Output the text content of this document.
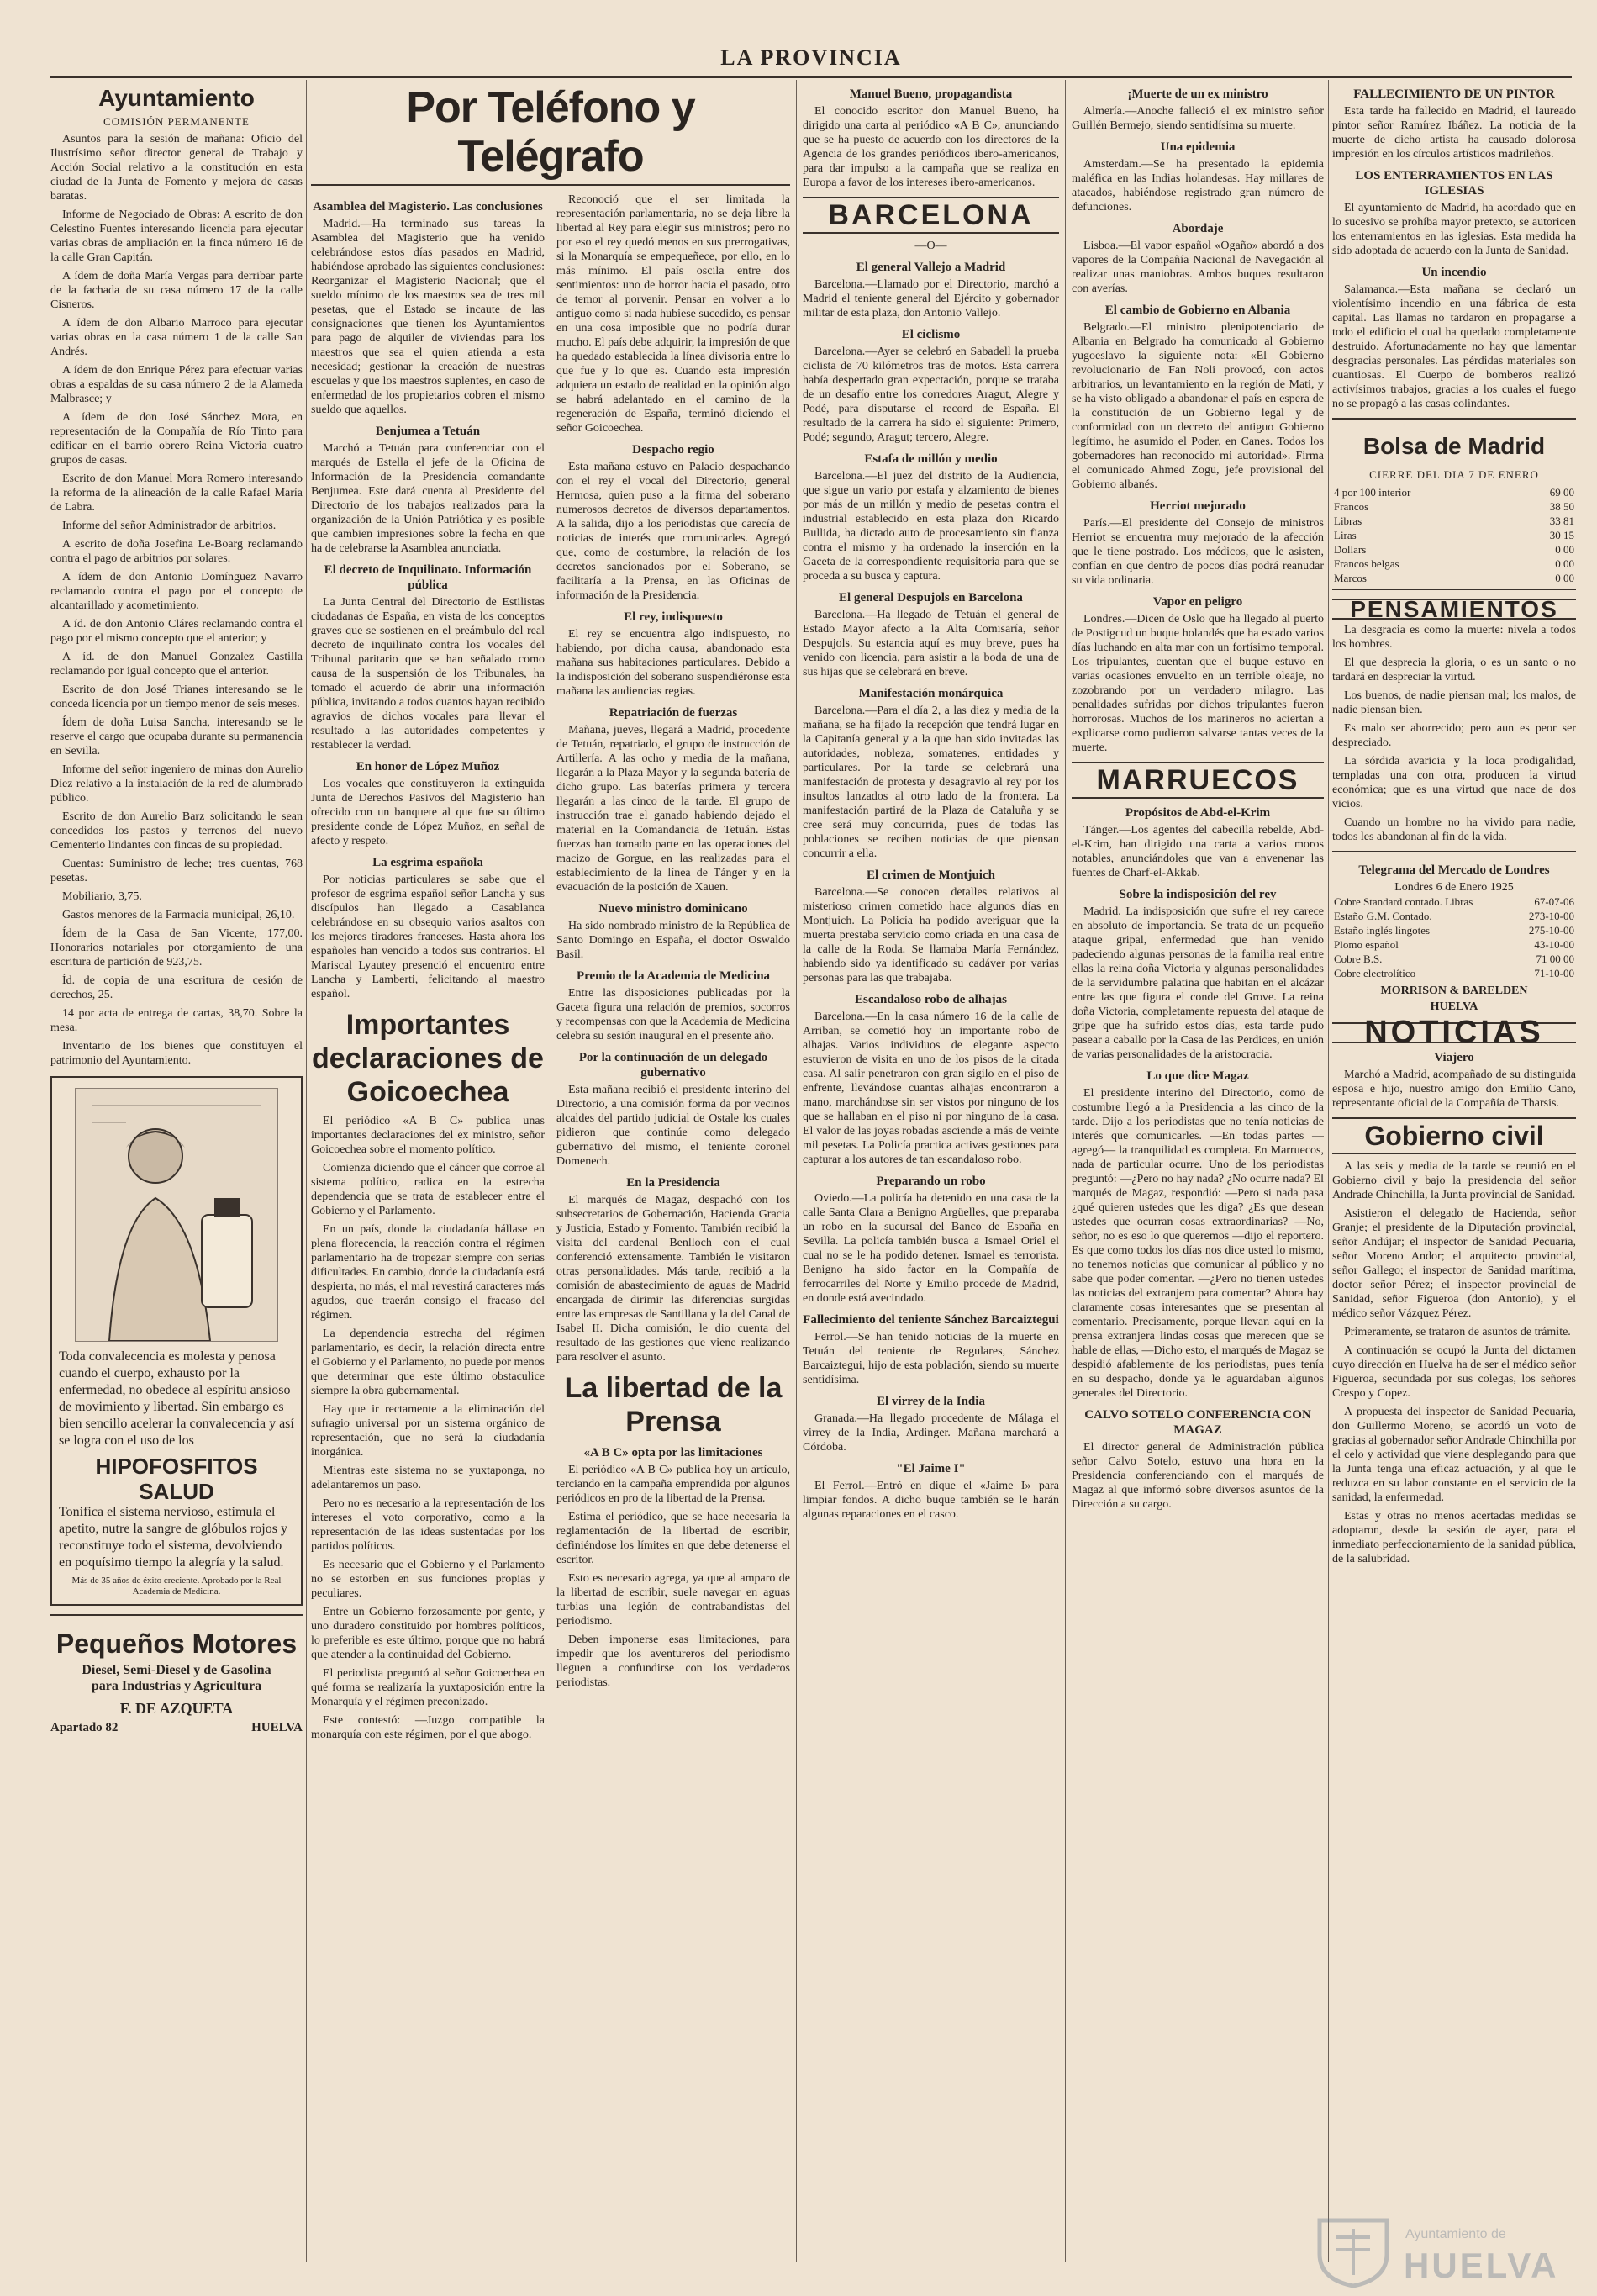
LA PROVINCIA
Ayuntamiento
COMISIÓN PERMANENTE

Asuntos para la sesión de mañana: Oficio del Ilustrísimo señor director general de Trabajo y Acción Social relativo a la constitución en esta ciudad de la Junta de Fomento y mejora de casas baratas.

Informe de Negociado de Obras: A escrito de don Celestino Fuentes interesando licencia para ejecutar varias obras de ampliación en la finca número 16 de la calle Gran Capitán.

A ídem de doña María Vergas para derribar parte de la fachada de su casa número 17 de la calle Cisneros.

A ídem de don Albario Marroco para ejecutar varias obras en la casa número 1 de la calle San Andrés.

A ídem de don Enrique Pérez para efectuar varias obras a espaldas de su casa número 2 de la Alameda Malbrasce; y

A ídem de don José Sánchez Mora, en representación de la Compañía de Río Tinto para edificar en el barrio obrero Reina Victoria cuatro grupos de casas.

Escrito de don Manuel Mora Romero interesando la reforma de la alineación de la calle Rafael María de Labra.

Informe del señor Administrador de arbitrios.

A escrito de doña Josefina Le-Boarg reclamando contra el pago de arbitrios por solares.

A ídem de don Antonio Domínguez Navarro reclamando contra el pago por el concepto de alcantarillado y acometimiento.

A íd. de don Antonio Cláres reclamando contra el pago por el mismo concepto que el anterior; y

A íd. de don Manuel Gonzalez Castilla reclamando por igual concepto que el anterior.

Escrito de don José Trianes interesando se le conceda licencia por un tiempo menor de seis meses.

Ídem de doña Luisa Sancha, interesando se le reserve el cargo que ocupaba durante su permanencia en Sevilla.

Informe del señor ingeniero de minas don Aurelio Díez relativo a la instalación de la red de alumbrado público.

Escrito de don Aurelio Barz solicitando le sean concedidos los pastos y terrenos del nuevo Cementerio lindantes con fincas de su propiedad.

Cuentas: Suministro de leche; tres cuentas, 768 pesetas.

Mobiliario, 3,75.

Gastos menores de la Farmacia municipal, 26,10.

Ídem de la Casa de San Vicente, 177,00. Honorarios notariales por otorgamiento de una escritura de partición de 923,75.

Íd. de copia de una escritura de cesión de derechos, 25.

14 por acta de entrega de cartas, 38,70. Sobre la mesa.

Inventario de los bienes que constituyen el patrimonio del Ayuntamiento.

Toda convalecencia es molesta y penosa cuando el cuerpo, exhausto por la enfermedad, no obedece al espíritu ansioso de movimiento y libertad. Sin embargo es bien sencillo acelerar la convalecencia y así se logra con el uso de los

HIPOFOSFITOS SALUD

Tonifica el sistema nervioso, estimula el apetito, nutre la sangre de glóbulos rojos y reconstituye todo el sistema, devolviendo en poquísimo tiempo la alegría y la salud.

Más de 35 años de éxito creciente. Aprobado por la Real Academia de Medicina.
Pequeños Motores
Diesel, Semi-Diesel y de Gasolina
para Industrias y Agricultura
F. DE AZQUETA
Apartado 82	HUELVA
Por Teléfono y Telégrafo
Asamblea del Magisterio. Las conclusiones

Madrid.—Ha terminado sus tareas la Asamblea del Magisterio que ha venido celebrándose estos días pasados en Madrid, habiéndose aprobado las siguientes conclusiones: Reorganizar el Magisterio Nacional; que el sueldo mínimo de los maestros sea de tres mil pesetas, que el Estado se incaute de las consignaciones que tienen los Ayuntamientos para pago de alquiler de viviendas para los maestros que sea el quien atienda a esta necesidad; gestionar la creación de nuestras escuelas y que los maestros suplentes, en caso de enfermedad de los propietarios cobren el mismo sueldo que aquellos.

Benjumea a Tetuán

Marchó a Tetuán para conferenciar con el marqués de Estella el jefe de la Oficina de Información de la Presidencia comandante Benjumea. Este dará cuenta al Presidente del Directorio de los trabajos realizados para la organización de la Unión Patriótica y es posible que cambien impresiones sobre la fecha en que ha de celebrarse la Asamblea anunciada.

El decreto de Inquilinato. Información pública

La Junta Central del Directorio de Estilistas ciudadanas de España, en vista de los conceptos graves que se sostienen en el preámbulo del real decreto de inquilinato contra los vocales del Tribunal paritario que se han señalado como causa de la suspensión de los Tribunales, ha tomado el acuerdo de abrir una información pública, invitando a todos cuantos hayan recibido agravios de dichos vocales para llevar el resultado a las autoridades competentes y restablecer la verdad.

En honor de López Muñoz

Los vocales que constituyeron la extinguida Junta de Derechos Pasivos del Magisterio han ofrecido con un banquete al que fue su último presidente conde de López Muñoz, en señal de afecto y respeto.

La esgrima española

Por noticias particulares se sabe que el profesor de esgrima español señor Lancha y sus discípulos han llegado a Casablanca celebrándose en su obsequio varios asaltos con los mejores tiradores franceses. Hasta ahora los españoles han vencido a todos sus contrarios. El Mariscal Lyautey presenció el encuentro entre Lancha y Lamberti, felicitando al maestro español.

Importantes declaraciones de Goicoechea

El periódico «A B C» publica unas importantes declaraciones del ex ministro, señor Goicoechea sobre el momento político.

Comienza diciendo que el cáncer que corroe al sistema político, radica en la estrecha dependencia que se trata de establecer entre el Gobierno y el Parlamento.

En un país, donde la ciudadanía hállase en plena florecencia, la reacción contra el régimen parlamentario ha de tropezar siempre con serias dificultades. En cambio, donde la ciudadanía está despierta, no más, el mal revestirá caracteres más agudos, que traerán consigo el fracaso del régimen.

La dependencia estrecha del régimen parlamentario, es decir, la relación directa entre el Gobierno y el Parlamento, no puede por menos que determinar que este último obstaculice siempre la obra gubernamental.

Hay que ir rectamente a la eliminación del sufragio universal por un sistema orgánico de representación, que no será la ciudadanía inorgánica.

Mientras este sistema no se yuxtaponga, no adelantaremos un paso.

Pero no es necesario a la representación de los intereses el voto corporativo, como a la representación de las ideas sustentadas por los partidos políticos.

Es necesario que el Gobierno y el Parlamento no se estorben en sus funciones propias y peculiares.

Entre un Gobierno forzosamente por gente, y uno duradero constituido por hombres políticos, lo preferible es este último, porque que no habrá que atender a la continuidad del Gobierno.

El periodista preguntó al señor Goicoechea en qué forma se realizaría la yuxtaposición entre la Monarquía y el régimen preconizado.

Este contestó: —Juzgo compatible la monarquía con este régimen, por el que abogo.

Reconoció que el ser limitada la representación parlamentaria, no se deja libre la libertad al Rey para elegir sus ministros; pero no por eso el rey quedó menos en sus prerrogativas, si la Monarquía se empequeñece, por ello, en lo más mínimo. El país oscila entre dos sentimientos: uno de horror hacia el pasado, otro de temor al porvenir. Pensar en volver a lo antiguo como si nada hubiese sucedido, es pensar en una cosa imposible que no podría durar mucho. El país debe adquirir, la impresión de que ha quedado establecida la línea divisoria entre lo que fue y lo que es. Cuando esta impresión adquiera un estado de realidad en la opinión algo se habrá adelantado en el camino de la regeneración de España, terminó diciendo el señor Goicoechea.

Despacho regio

Esta mañana estuvo en Palacio despachando con el rey el vocal del Directorio, general Hermosa, quien puso a la firma del soberano numerosos decretos de diversos departamentos. A la salida, dijo a los periodistas que carecía de noticias de interés que comunicarles. Agregó que, como de costumbre, la relación de los decretos sancionados por el Soberano, se facilitaría a la Prensa, en las Oficinas de información de la Presidencia.

El rey, indispuesto

El rey se encuentra algo indispuesto, no habiendo, por dicha causa, abandonado esta mañana sus habitaciones particulares. Debido a la indisposición del soberano suspendiéronse esta mañana las audiencias regias.

Repatriación de fuerzas

Mañana, jueves, llegará a Madrid, procedente de Tetuán, repatriado, el grupo de instrucción de Artillería. A las ocho y media de la mañana, llegarán a la Plaza Mayor y la segunda batería de dicho grupo. Las baterías primera y tercera llegarán a las cinco de la tarde. El grupo de instrucción trae el ganado habiendo dejado el material en la Comandancia de Tetuán. Estas fuerzas han tomado parte en las operaciones del macizo de Gorgue, en las realizadas para el establecimiento de la línea de Tánger y en la evacuación de la posición de Xauen.

Nuevo ministro dominicano

Ha sido nombrado ministro de la República de Santo Domingo en España, el doctor Oswaldo Basil.

Premio de la Academia de Medicina

Entre las disposiciones publicadas por la Gaceta figura una relación de premios, socorros y recompensas con que la Academia de Medicina celebra su sesión inaugural en el presente año.

Por la continuación de un delegado gubernativo

Esta mañana recibió el presidente interino del Directorio, a una comisión forma da por vecinos alcaldes del partido judicial de Ostale los cuales pidieron que continúe como delegado gubernativo del mismo, el teniente coronel Domenech.

En la Presidencia

El marqués de Magaz, despachó con los subsecretarios de Gobernación, Hacienda Gracia y Justicia, Estado y Fomento. También recibió la visita del cardenal Benlloch con el cual conferenció extensamente. También le visitaron otras personalidades. Más tarde, recibió a la comisión de abastecimiento de aguas de Madrid encargada de dirimir las diferencias surgidas entre las empresas de Santillana y la del Canal de Isabel II. Dicha comisión, le dio cuenta del resultado de las gestiones que viene realizando para resolver el asunto.

La libertad de la Prensa
«A B C» opta por las limitaciones

El periódico «A B C» publica hoy un artículo, terciando en la campaña emprendida por algunos periódicos en pro de la libertad de la Prensa.

Estima el periódico, que se hace necesaria la reglamentación de la libertad de escribir, definiéndose los límites en que debe detenerse el escritor.

Esto es necesario agrega, ya que al amparo de la libertad de escribir, suele navegar en aguas turbias una legión de contrabandistas del periodismo.

Deben imponerse esas limitaciones, para impedir que los aventureros del periodismo lleguen a confundirse con los verdaderos periodistas.

Manuel Bueno, propagandista

El conocido escritor don Manuel Bueno, ha dirigido una carta al periódico «A B C», anunciando que se ha puesto de acuerdo con los directores de la Agencia de los grandes periódicos ibero-americanos, para dar impulso a la campaña que se realiza en Europa a favor de los intereses ibero-americanos.

BARCELONA
—O—
El general Vallejo a Madrid

Barcelona.—Llamado por el Directorio, marchó a Madrid el teniente general del Ejército y gobernador militar de esta plaza, don Antonio Vallejo.

El ciclismo

Barcelona.—Ayer se celebró en Sabadell la prueba ciclista de 70 kilómetros tras de motos. Esta carrera había despertado gran expectación, porque se trataba de un desafío entre los corredores Aragut, Alegre y Podé, para disputarse el record de España. El resultado de la carrera ha sido el siguiente: Primero, Podé; segundo, Aragut; tercero, Alegre.

Estafa de millón y medio

Barcelona.—El juez del distrito de la Audiencia, que sigue un vario por estafa y alzamiento de bienes por más de un millón y medio de pesetas contra el industrial establecido en esta plaza don Ricardo Bullida, ha dictado auto de procesamiento sin fianza contra el mismo y ha ordenado la inserción en la Gaceta de la correspondiente requisitoria para que se proceda a su busca y captura.

El general Despujols en Barcelona

Barcelona.—Ha llegado de Tetuán el general de Estado Mayor afecto a la Alta Comisaría, señor Despujols. Su estancia aquí es muy breve, pues ha venido con licencia, para asistir a la boda de una de sus hijas que se celebrará en breve.

Manifestación monárquica

Barcelona.—Para el día 2, a las diez y media de la mañana, se ha fijado la recepción que tendrá lugar en la Capitanía general y a la que han sido invitadas las autoridades, nobleza, somatenes, entidades y particulares. Por la tarde se celebrará una manifestación de protesta y desagravio al rey por los insultos lanzados al otro lado de la frontera. La manifestación partirá de la Plaza de Cataluña y se cree será muy concurrida, pues de todas las poblaciones se reciben noticias de que piensan concurrir a ella.

El crimen de Montjuich

Barcelona.—Se conocen detalles relativos al misterioso crimen cometido hace algunos días en Montjuich. La Policía ha podido averiguar que la muerta prestaba servicio como criada en una casa de la calle de la Roda. Se llamaba María Fernández, habiendo sido ya identificado su cadáver por varias personas para las que trabajaba.

Escandaloso robo de alhajas

Barcelona.—En la casa número 16 de la calle de Arriban, se cometió hoy un importante robo de alhajas. Varios individuos de elegante aspecto estuvieron de visita en uno de los pisos de la citada casa. Al salir penetraron con gran sigilo en el piso de enfrente, llevándose cuantas alhajas encontraron a mano, marchándose sin ser vistos por ninguno de los que se hallaban en el piso ni por ninguno de la casa. El valor de las joyas robadas asciende a más de veinte mil pesetas. La Policía practica activas gestiones para capturar a los autores de tan escandaloso robo.

Preparando un robo

Oviedo.—La policía ha detenido en una casa de la calle Santa Clara a Benigno Argüelles, que preparaba un robo en la sucursal del Banco de España en Sevilla. La policía también busca a Ismael Oriel el cual no se le ha podido detener. Ismael es terrorista. Benigno ha sido factor en la Compañía de ferrocarriles del Norte y Emilio procede de Madrid, en donde está avecindado.

Fallecimiento del teniente Sánchez Barcaiztegui

Ferrol.—Se han tenido noticias de la muerte en Tetuán del teniente de Regulares, Sánchez Barcaiztegui, hijo de esta población, siendo su muerte sentidísima.

El virrey de la India

Granada.—Ha llegado procedente de Málaga el virrey de la India, Ardinger. Mañana marchará a Córdoba.

"El Jaime I"

El Ferrol.—Entró en dique el «Jaime I» para limpiar fondos. A dicho buque también se le harán algunas reparaciones en el casco.

¡Muerte de un ex ministro

Almería.—Anoche falleció el ex ministro señor Guillén Bermejo, siendo sentidísima su muerte.

Una epidemia

Amsterdam.—Se ha presentado la epidemia maléfica en las Indias holandesas. Hay millares de atacados, habiéndose registrado gran número de defunciones.

Abordaje

Lisboa.—El vapor español «Ogaño» abordó a dos vapores de la Compañía Nacional de Navegación al realizar unas maniobras. Ambos buques resultaron con averías.

El cambio de Gobierno en Albania

Belgrado.—El ministro plenipotenciario de Albania en Belgrado ha comunicado al Gobierno yugoeslavo la siguiente nota: «El Gobierno revolucionario de Fan Noli provocó, con actos arbitrarios, un levantamiento en la región de Mati, y se ha visto obligado a abandonar el país en espera de la constitución de un Gobierno legal y de conformidad con un decreto del antiguo Gobierno legítimo, he asumido el Poder, en Canes. Todos los gobernadores han reconocido mi autoridad». Firma el comunicado Ahmed Zogu, jefe provisional del Gobierno albanés.

Herriot mejorado

París.—El presidente del Consejo de ministros Herriot se encuentra muy mejorado de la afección que le tiene postrado. Los médicos, que le asisten, confían en que dentro de pocos días podrá reanudar su vida ordinaria.

Vapor en peligro

Londres.—Dicen de Oslo que ha llegado al puerto de Postigcud un buque holandés que ha estado varios días luchando en alta mar con un fortísimo temporal. Los tripulantes, cuentan que el buque estuvo en varias ocasiones envuelto en un terrible oleaje, no zozobrando por un verdadero milagro. Las penalidades sufridas por dichos tripulantes fueron horrorosas. Muchos de los marineros no aciertan a explicarse como pudieron salvarse tantas veces de la muerte.

MARRUECOS
Propósitos de Abd-el-Krim

Tánger.—Los agentes del cabecilla rebelde, Abd-el-Krim, han dirigido una carta a varios moros notables, anunciándoles que van a envenenar las fuentes de Charf-el-Akkab.

Sobre la indisposición del rey

Madrid. La indisposición que sufre el rey carece en absoluto de importancia. Se trata de un pequeño ataque gripal, enfermedad que han venido padeciendo algunas personas de la familia real entre ellas la reina doña Victoria y algunas personalidades de la servidumbre palatina que habitan en el alcázar entre las que figura el conde del Grove. La reina doña Victoria, completamente repuesta del ataque de gripe que ha sufrido estos días, esta tarde pudo pasear a caballo por la Casa de las Perdices, en unión de varias personalidades de la aristocracia.

Lo que dice Magaz

El presidente interino del Directorio, como de costumbre llegó a la Presidencia a las cinco de la tarde. Dijo a los periodistas que no tenía noticias de interés que comunicarles. —En todas partes —agregó— la tranquilidad es completa. En Marruecos, nada de particular ocurre. Uno de los periodistas preguntó: —¿Pero no hay nada? ¿No ocurre nada? El marqués de Magaz, respondió: —Pero si nada pasa ¿qué quieren ustedes que les diga? ¿Es que desean ustedes que ocurran cosas extraordinarias? —No, señor, no es eso lo que queremos —dijo el reportero. Es que como todos los días nos dice usted lo mismo, no tenemos noticias que comunicar al público y no sabe que poder comentar. —¿Pero no tienen ustedes las noticias del extranjero para comentar? Ahora hay claramente cosas interesantes que se presentan al comentario. Precisamente, porque llevan aquí en la prensa extranjera lindas cosas que merecen que se hable de ellas, —Dicho esto, el marqués de Magaz se despidió afablemente de los periodistas, pues tenía en su despacho, donde ya le aguardaban algunos generales del Directorio.

CALVO SOTELO CONFERENCIA CON MAGAZ

El director general de Administración pública señor Calvo Sotelo, estuvo una hora en la Presidencia conferenciando con el marqués de Magaz al que informó sobre diversos asuntos de la Dirección a su cargo.

FALLECIMIENTO DE UN PINTOR

Esta tarde ha fallecido en Madrid, el laureado pintor señor Ramírez Ibáñez. La noticia de la muerte de dicho artista ha causado dolorosa impresión en los círculos artísticos madrileños.

LOS ENTERRAMIENTOS EN LAS IGLESIAS

El ayuntamiento de Madrid, ha acordado que en lo sucesivo se prohíba mayor pretexto, se autoricen los enterramientos en las iglesias. Esta medida ha sido adoptada de acuerdo con la Junta de Sanidad.

Un incendio

Salamanca.—Esta mañana se declaró un violentísimo incendio en una fábrica de esta capital. Las llamas no tardaron en propagarse a todo el edificio el cual ha quedado completamente destruido. Afortunadamente no hay que lamentar desgracias personales. Las pérdidas materiales son cuantiosas. El Cuerpo de bomberos realizó activísimos trabajos, gracias a los cuales el fuego no se propagó a las casas colindantes.

Bolsa de Madrid
CIERRE DEL DIA 7 DE ENERO
4 por 100 interior	69 00
Francos	38 50
Libras	33 81
Liras	30 15
Dollars	0 00
Francos belgas	0 00
Marcos	0 00
PENSAMIENTOS

La desgracia es como la muerte: nivela a todos los hombres.

El que desprecia la gloria, o es un santo o no tardará en despreciar la virtud.

Los buenos, de nadie piensan mal; los malos, de nadie piensan bien.

Es malo ser aborrecido; pero aun es peor ser despreciado.

La sórdida avaricia y la loca prodigalidad, templadas una con otra, producen la virtud económica; que es una virtud que nace de dos vicios.

Cuando un hombre no ha vivido para nadie, todos les abandonan al fin de la vida.

Telegrama del Mercado de Londres
Londres 6 de Enero 1925
Cobre Standard contado. Libras	67-07-06
Estaño G.M. Contado.	273-10-00
Estaño inglés lingotes	275-10-00
Plomo español	43-10-00
Cobre B.S.	71 00 00
Cobre electrolítico	71-10-00
MORRISON & BARELDEN
HUELVA
NOTICIAS
Viajero

Marchó a Madrid, acompañado de su distinguida esposa e hijo, nuestro amigo don Emilio Cano, representante oficial de la Compañía de Tharsis.

Gobierno civil

A las seis y media de la tarde se reunió en el Gobierno civil y bajo la presidencia del señor Andrade Chinchilla, la Junta provincial de Sanidad.

Asistieron el delegado de Hacienda, señor Granje; el presidente de la Diputación provincial, señor Andújar; el inspector de Sanidad Pecuaria, señor Moreno Andor; el arquitecto provincial, señor Gallego; el inspector de Sanidad marítima, doctor señor Pérez; el inspector provincial de Sanidad, señor Figueroa (don Antonio), y el médico señor Vázquez Pérez.

Primeramente, se trataron de asuntos de trámite.

A continuación se ocupó la Junta del dictamen cuyo dirección en Huelva ha de ser el médico señor Figueroa, secundada por sus colegas, los señores Crespo y Copez.

A propuesta del inspector de Sanidad Pecuaria, don Guillermo Moreno, se acordó un voto de gracias al gobernador señor Andrade Chinchilla por el celo y actividad que viene desplegando para que la Junta tenga una eficaz actuación, y al que le reduzca en su labor constante en el servicio de la sanidad, la enfermedad.

Estas y otras no menos acertadas medidas se adoptaron, desde la sesión de ayer, para el inmediato perfeccionamiento de la sanidad pública, de la salubridad.

Ayuntamiento de
HUELVA
